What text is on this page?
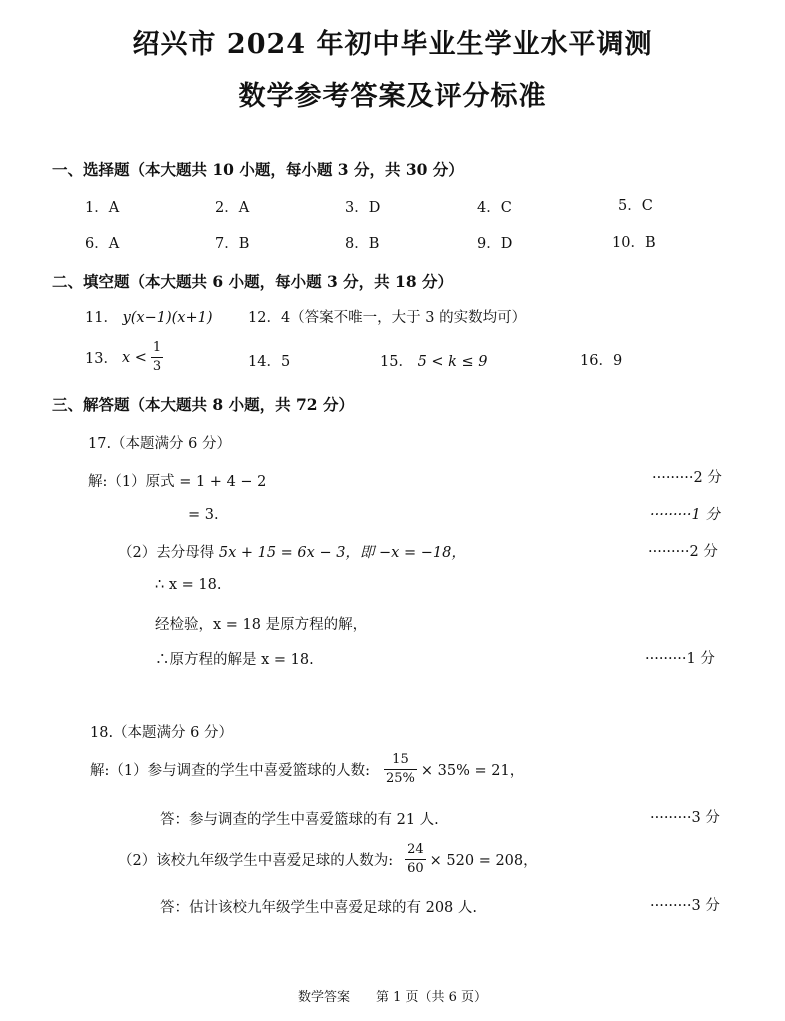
绍兴市 2024 年初中毕业生学业水平调测
数学参考答案及评分标准
一、选择题（本大题共 10 小题，每小题 3 分，共 30 分）
1．A	2．A	3．D	4．C	5．C
6．A	7．B	8．B	9．D	10．B
二、填空题（本大题共 6 小题，每小题 3 分，共 18 分）
11． y(x−1)(x+1) 12．4（答案不唯一，大于 3 的实数均可）
13． $x < \frac{1}{3}$	14．5	15． 5 < k ≤ 9	16．9
三、解答题（本大题共 8 小题，共 72 分）
17.（本题满分 6 分）
解:（1）原式 = 1 + 4 − 2	·········2 分
= 3.	·········1 分
（2）去分母得 5x + 15 = 6x − 3，即 −x = −18，	·········2 分
∴ x = 18.
经检验，x = 18 是原方程的解，
∴原方程的解是 x = 18.	·········1 分
18.（本题满分 6 分）
解:（1）参与调查的学生中喜爱篮球的人数: $\frac{15}{25\%} \times 35\% = 21$，
答：参与调查的学生中喜爱篮球的有 21 人.	·········3 分
（2）该校九年级学生中喜爱足球的人数为: $\frac{24}{60} \times 520 = 208$，
答：估计该校九年级学生中喜爱足球的有 208 人.	·········3 分
数学答案　　第 1 页（共 6 页）
